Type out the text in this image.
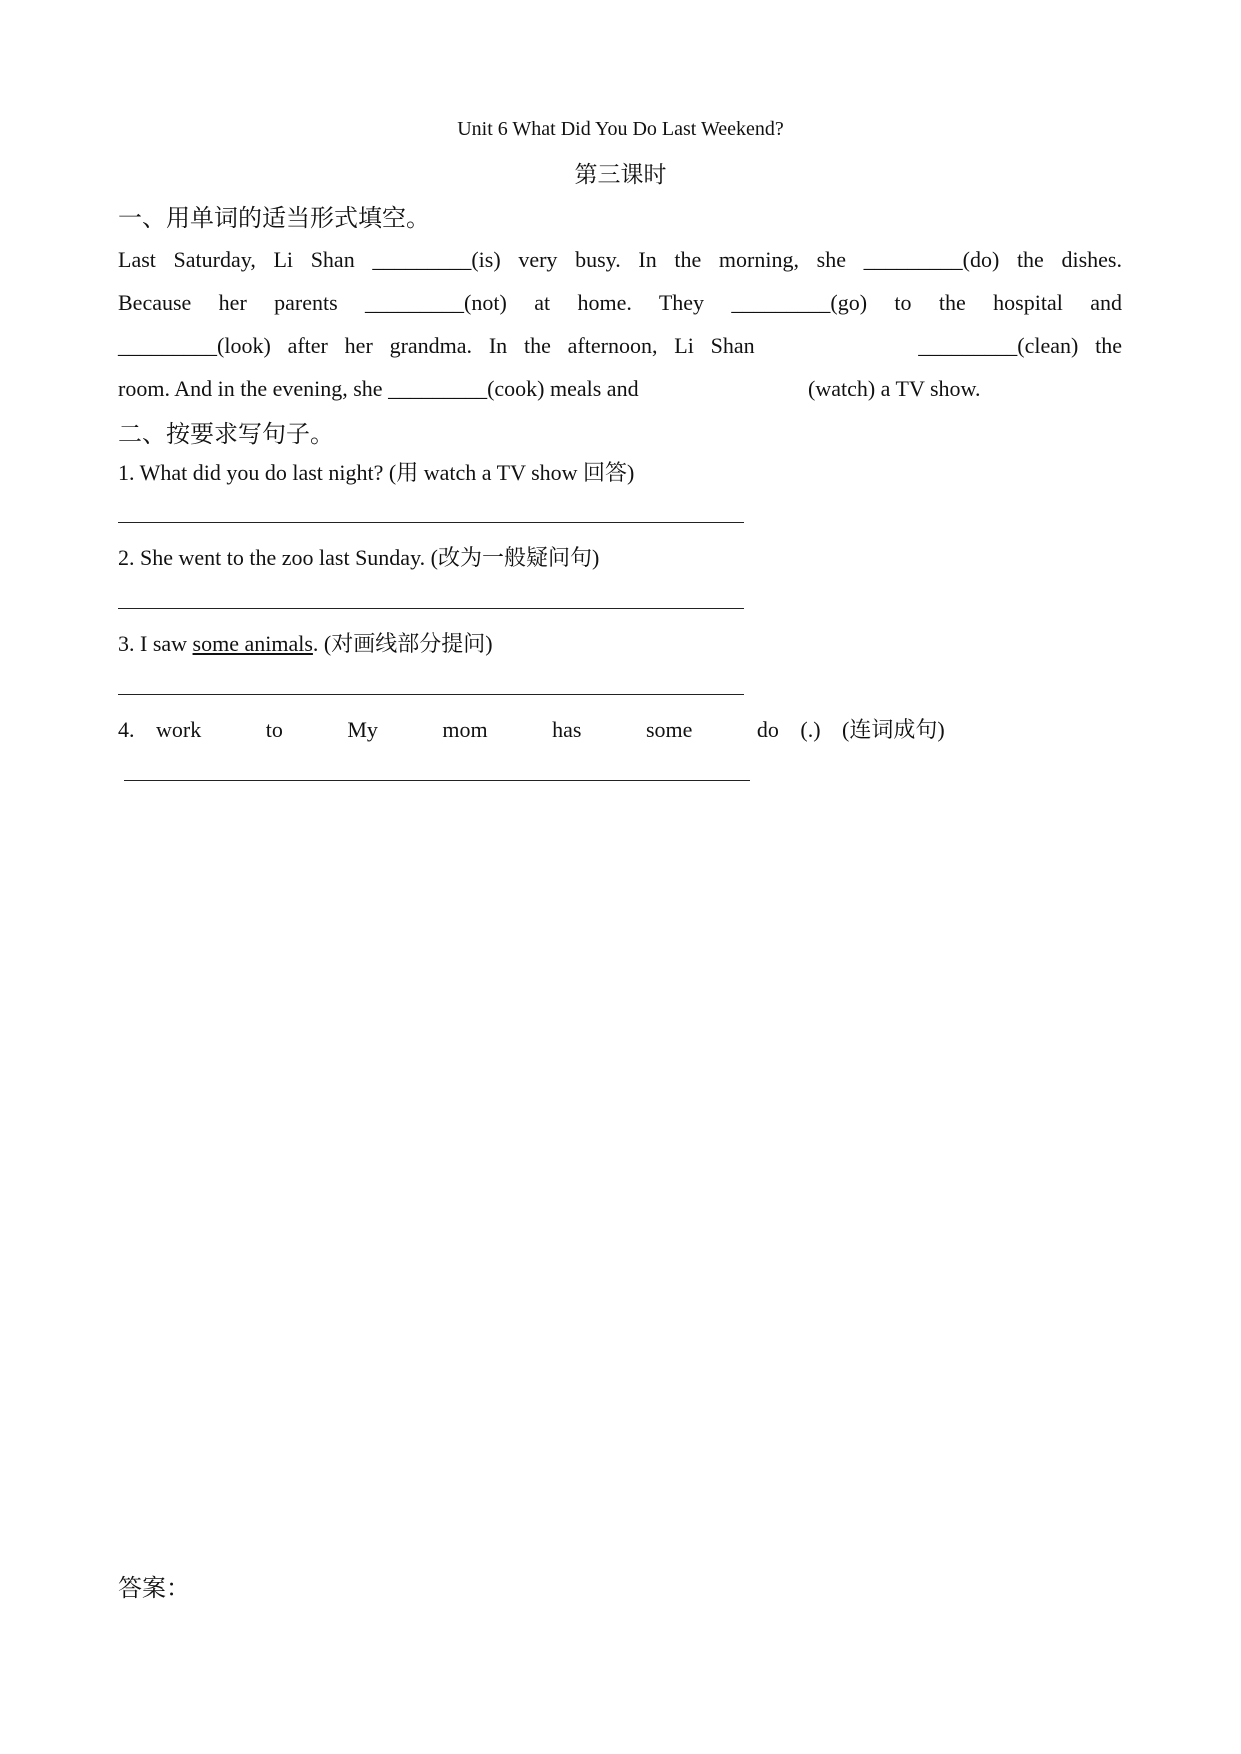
Unit 6 What Did You Do Last Weekend?
第三课时
一、用单词的适当形式填空。
Last Saturday, Li Shan _________(is) very busy. In the morning, she _________(do) the dishes.
Because her parents _________(not) at home. They _________(go) to the hospital and
_________(look) after her grandma. In the afternoon, Li Shan	_________(clean) the
room. And in the evening, she _________(cook) meals and	(watch) a TV show.
二、按要求写句子。
1. What did you do last night? (用 watch a TV show 回答)
2. She went to the zoo last Sunday. (改为一般疑问句)
3. I saw some animals. (对画线部分提问)
4. work   to   My   mom   has   some   do (.) (连词成句)
答案：
